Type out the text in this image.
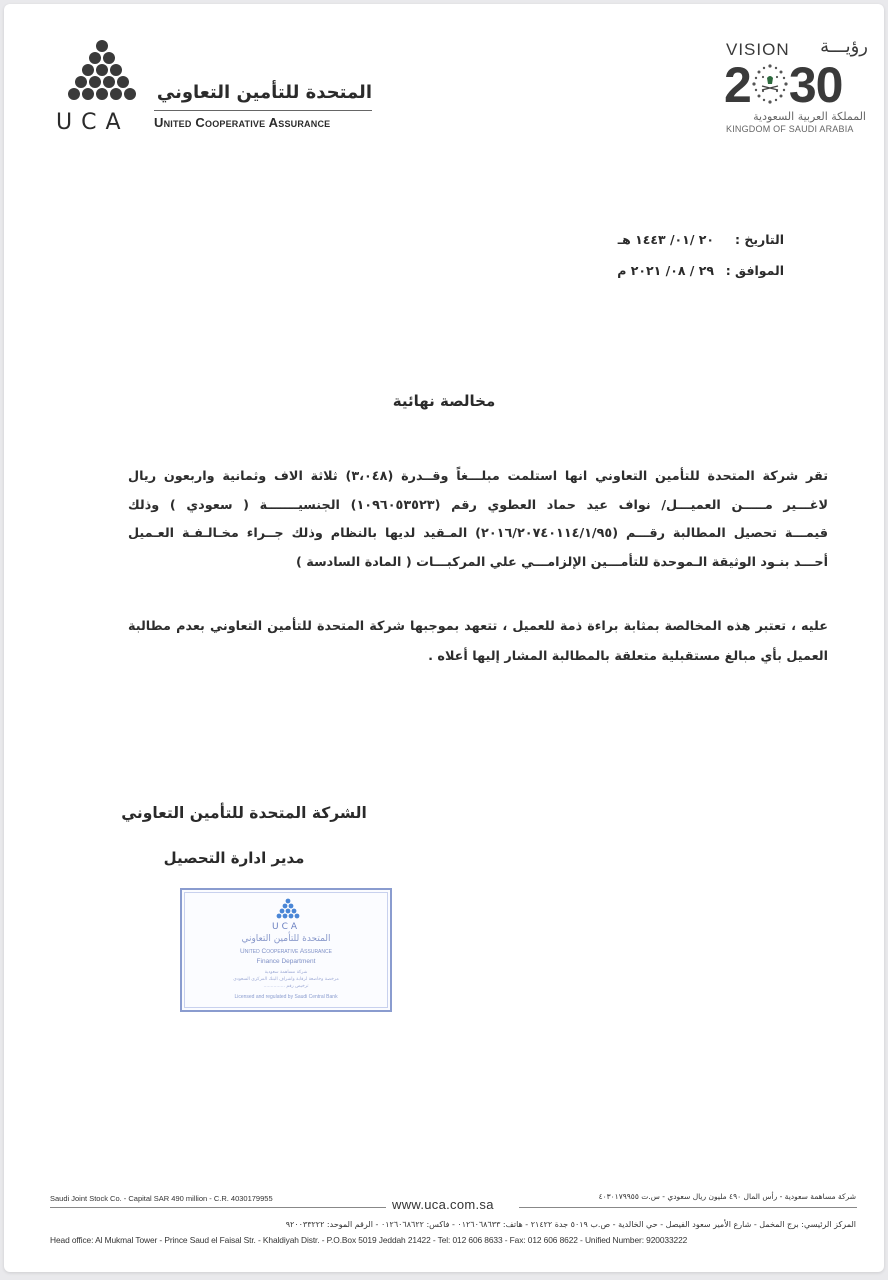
UCA
المتحدة للتأمين التعاوني
United Cooperative Assurance
VISION رؤيـــة
2 30
المملكة العربية السعودية
KINGDOM OF SAUDI ARABIA
التاريخ :٢٠ /٠١/ ١٤٤٣ هـ
الموافق :٢٩ / ٠٨/ ٢٠٢١ م
مخالصة نهائية
تقر شركة المتحدة للتأمين التعاوني انها استلمت مبلـــغاً وقــدرة (٣،٠٤٨) ثلاثة الاف وثمانية واربعون ريال
لاغـــير مـــــن العميـــل/ نواف عيد حماد العطوي رقم (١٠٩٦٠٥٣٥٢٣) الجنسيـــــــة ( سعودي ) وذلك
قيمـــة تحصيل المطالبة رقـــم (٢٠١٦/٢٠٧٤٠١١٤/١/٩٥) المـقيد لديها بالنظام وذلك جــراء مخـالـفـة العـميل
أحـــد بنـود الوثيقة الـموحدة للتأمـــين الإلزامـــي علي المركبـــات ( المادة السادسة )
عليه ، تعتبر هذه المخالصة بمثابة براءة ذمة للعميل ، تتعهد بموجبها شركة المتحدة للتأمين التعاوني بعدم مطالبة
العميل بأي مبالغ مستقبلية متعلقة بالمطالبة المشار إليها أعلاه .
الشركة المتحدة للتأمين التعاوني
مدير ادارة التحصيل
UCA
المتحدة للتأمين التعاوني
United Cooperative Assurance
Finance Department
شركة مساهمة سعودية
مرخصة وخاضعة لرقابة واشراف البنك المركزي السعودي
ترخيص رقم ...............
Licensed and regulated by Saudi Central Bank
Saudi Joint Stock Co. - Capital SAR 490 million - C.R. 4030179955	www.uca.com.sa
شركة مساهمة سعودية - رأس المال ٤٩٠ مليون ريال سعودي - س.ت ٤٠٣٠١٧٩٩٥٥
المركز الرئيسي: برج المخمل - شارع الأمير سعود الفيصل - حي الخالدية - ص.ب ٥٠١٩ جدة ٢١٤٢٢ - هاتف: ٠١٢٦٠٦٨٦٣٣ - فاكس: ٠١٢٦٠٦٨٦٢٢ - الرقم الموحد: ٩٢٠٠٣٣٢٢٢
Head office: Al Mukmal Tower - Prince Saud el Faisal Str. - Khaldiyah Distr. - P.O.Box 5019 Jeddah 21422 - Tel: 012 606 8633 - Fax: 012 606 8622 - Unified Number: 920033222
